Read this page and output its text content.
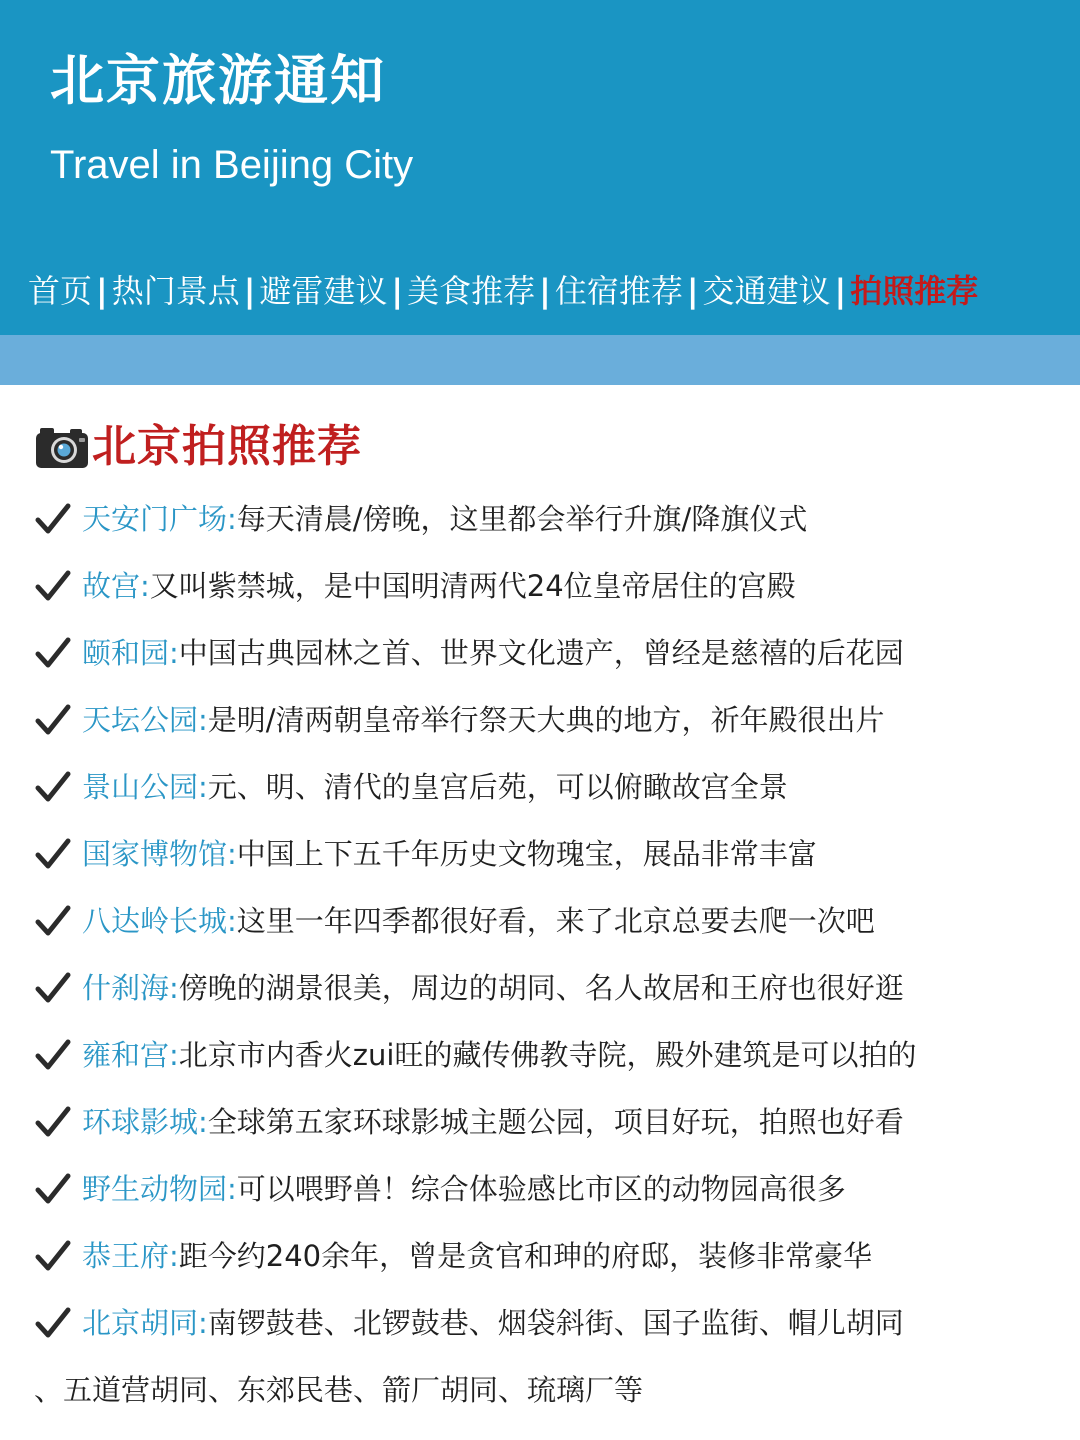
北京旅游通知
Travel in Beijing City
首页 | 热门景点 | 避雷建议 | 美食推荐 | 住宿推荐 | 交通建议 | 拍照推荐
北京拍照推荐
天安门广场: 每天清晨/傍晚，这里都会举行升旗/降旗仪式
故宫: 又叫紫禁城，是中国明清两代24位皇帝居住的宫殿
颐和园: 中国古典园林之首、世界文化遗产，曾经是慈禧的后花园
天坛公园: 是明/清两朝皇帝举行祭天大典的地方，祈年殿很出片
景山公园: 元、明、清代的皇宫后苑，可以俯瞰故宫全景
国家博物馆: 中国上下五千年历史文物瑰宝，展品非常丰富
八达岭长城: 这里一年四季都很好看，来了北京总要去爬一次吧
什刹海: 傍晚的湖景很美，周边的胡同、名人故居和王府也很好逛
雍和宫: 北京市内香火zui旺的藏传佛教寺院，殿外建筑是可以拍的
环球影城: 全球第五家环球影城主题公园，项目好玩，拍照也好看
野生动物园: 可以喂野兽！综合体验感比市区的动物园高很多
恭王府: 距今约240余年，曾是贪官和珅的府邸，装修非常豪华
北京胡同: 南锣鼓巷、北锣鼓巷、烟袋斜街、国子监街、帽儿胡同
、五道营胡同、东郊民巷、箭厂胡同、琉璃厂等
